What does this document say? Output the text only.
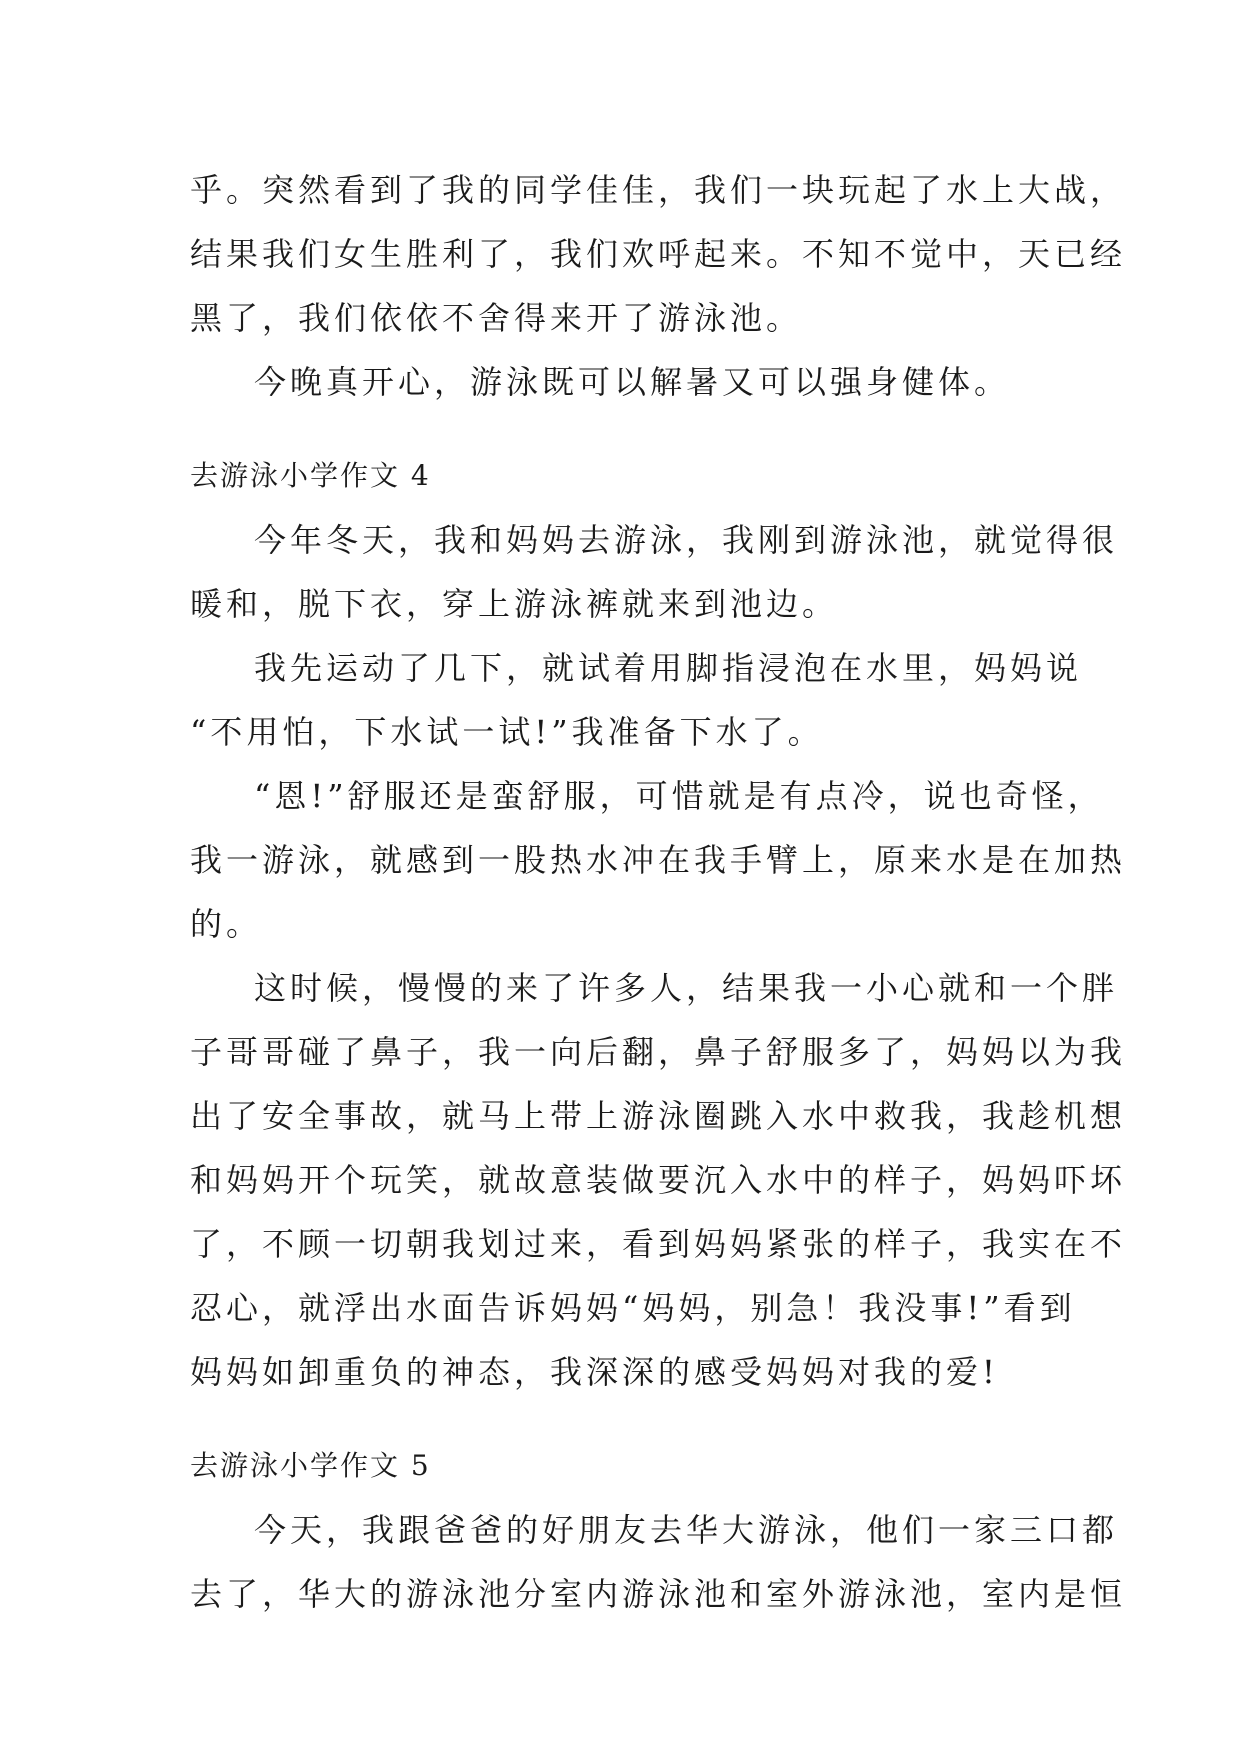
乎。突然看到了我的同学佳佳，我们一块玩起了水上大战，
结果我们女生胜利了，我们欢呼起来。不知不觉中，天已经
黑了，我们依依不舍得来开了游泳池。
今晚真开心，游泳既可以解暑又可以强身健体。
去游泳小学作文 4
今年冬天，我和妈妈去游泳，我刚到游泳池，就觉得很
暖和，脱下衣，穿上游泳裤就来到池边。
我先运动了几下，就试着用脚指浸泡在水里，妈妈说
“不用怕，下水试一试!”我准备下水了。
“恩!”舒服还是蛮舒服，可惜就是有点冷，说也奇怪，
我一游泳，就感到一股热水冲在我手臂上，原来水是在加热
的。
这时候，慢慢的来了许多人，结果我一小心就和一个胖
子哥哥碰了鼻子，我一向后翻，鼻子舒服多了，妈妈以为我
出了安全事故，就马上带上游泳圈跳入水中救我，我趁机想
和妈妈开个玩笑，就故意装做要沉入水中的样子，妈妈吓坏
了，不顾一切朝我划过来，看到妈妈紧张的样子，我实在不
忍心，就浮出水面告诉妈妈“妈妈，别急！我没事!”看到
妈妈如卸重负的神态，我深深的感受妈妈对我的爱!
去游泳小学作文 5
今天，我跟爸爸的好朋友去华大游泳，他们一家三口都
去了，华大的游泳池分室内游泳池和室外游泳池，室内是恒
